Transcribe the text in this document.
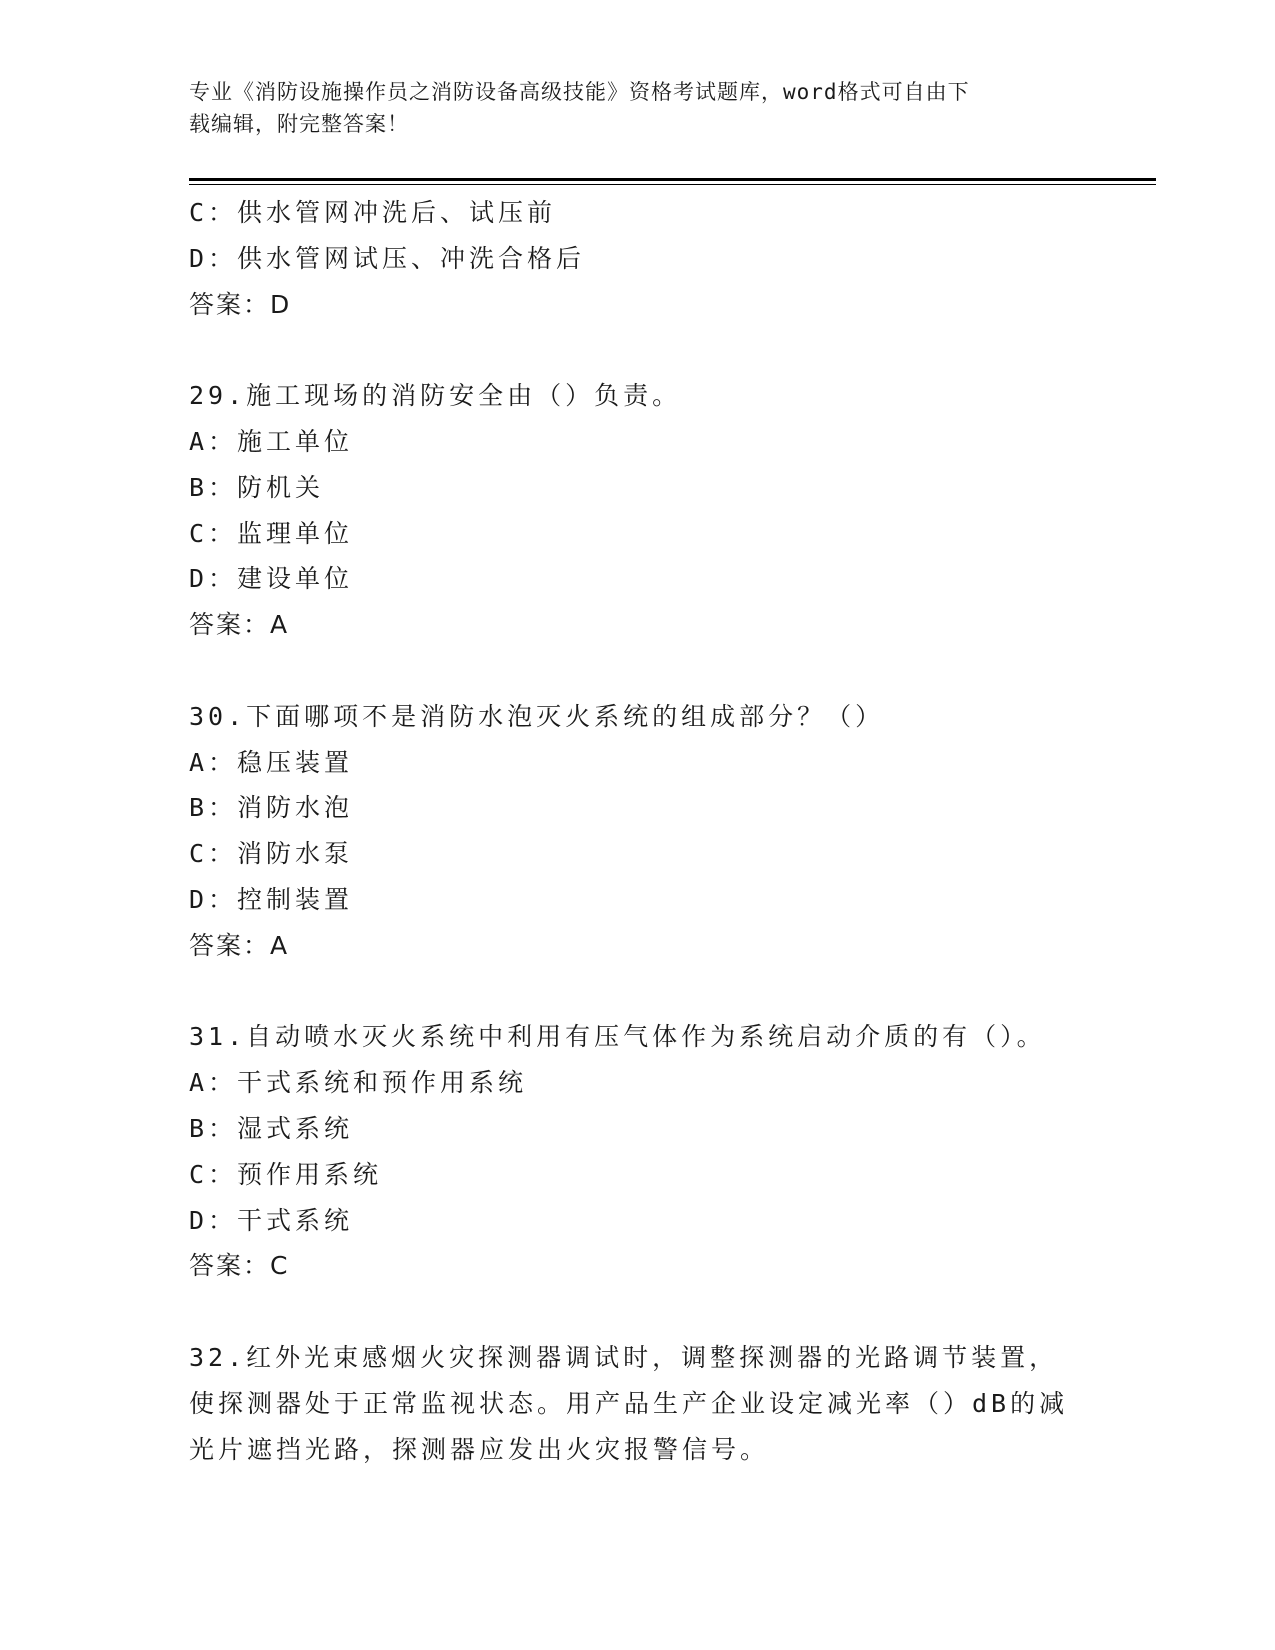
专业《消防设施操作员之消防设备高级技能》资格考试题库，word格式可自由下
载编辑，附完整答案！
C：供水管网冲洗后、试压前
D：供水管网试压、冲洗合格后
答案：D
29.施工现场的消防安全由（）负责。
A：施工单位
B：防机关
C：监理单位
D：建设单位
答案：A
30.下面哪项不是消防水泡灭火系统的组成部分？（）
A：稳压装置
B：消防水泡
C：消防水泵
D：控制装置
答案：A
31.自动喷水灭火系统中利用有压气体作为系统启动介质的有（）。
A：干式系统和预作用系统
B：湿式系统
C：预作用系统
D：干式系统
答案：C
32.红外光束感烟火灾探测器调试时，调整探测器的光路调节装置，使探测器处于正常监视状态。用产品生产企业设定减光率（）dB的减光片遮挡光路，探测器应发出火灾报警信号。
